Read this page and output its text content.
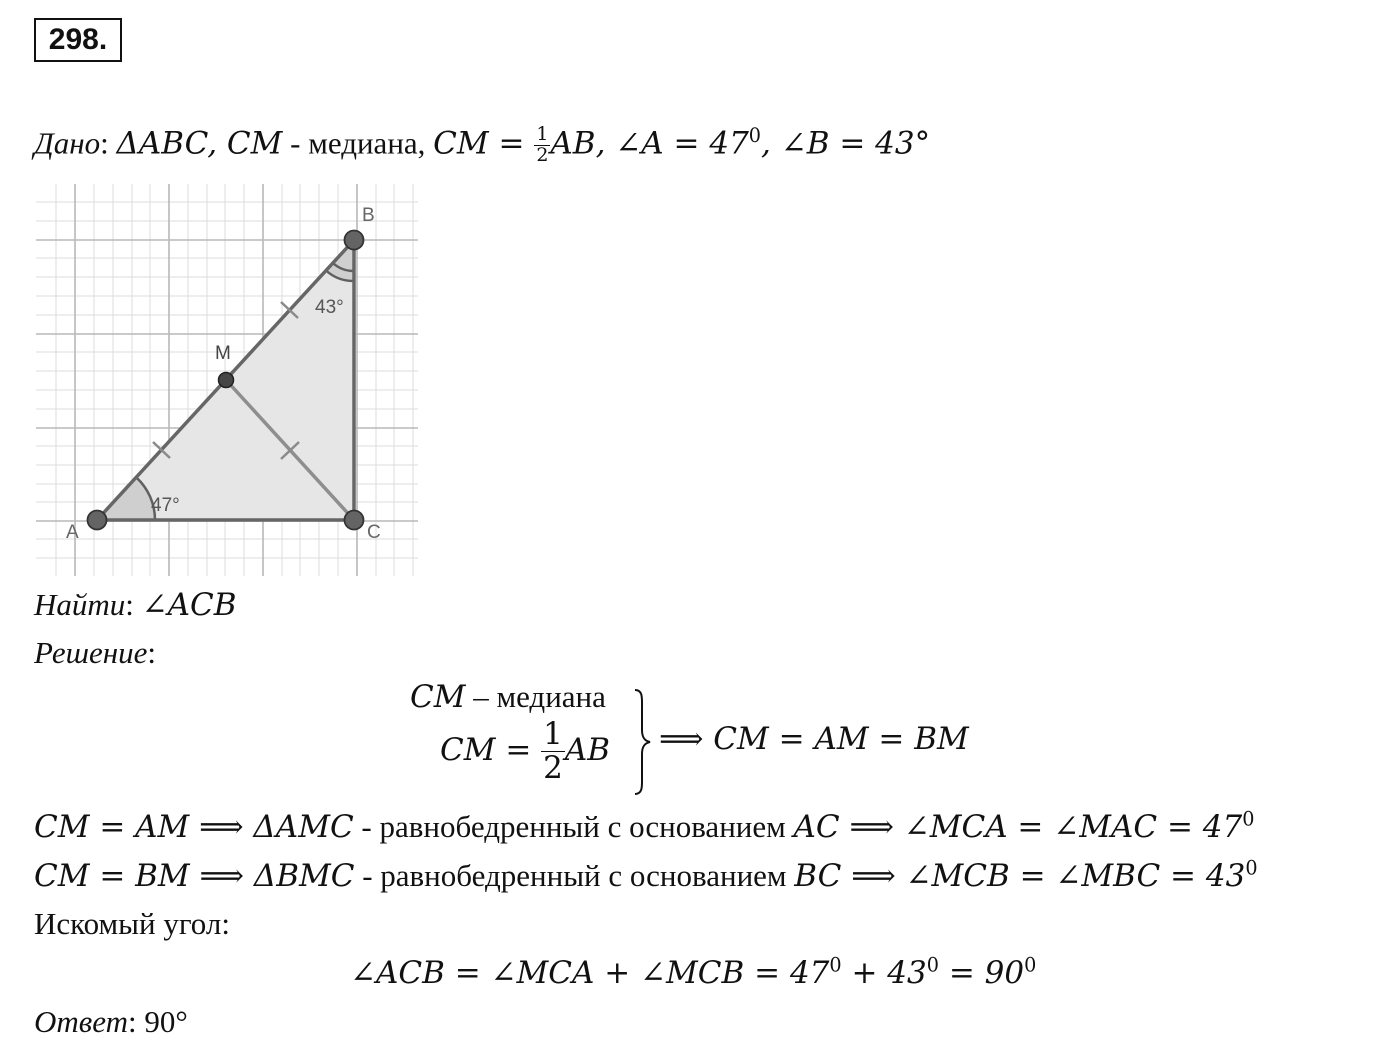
298.
Дано: ΔABC, CM - медиана, CM = $\frac{1}{2}$ AB, ∠A = $47^0$, ∠B = 43°
A
B
C
M
47°
43°
Найти: ∠ACB
Решение:
CM – медиана
CM = $\frac{1}{2}$ AB ⟹ CM = AM = BM
CM = AM ⟹ ΔAMC - равнобедренный с основанием AC ⟹ ∠MCA = ∠MAC = $47^0$
CM = BM ⟹ ΔBMC - равнобедренный с основанием BC ⟹ ∠MCB = ∠MBC = $43^0$
Искомый угол:
∠ACB = ∠MCA + ∠MCB = $47^0 + 43^0 = 90^0$
Ответ: 90°
